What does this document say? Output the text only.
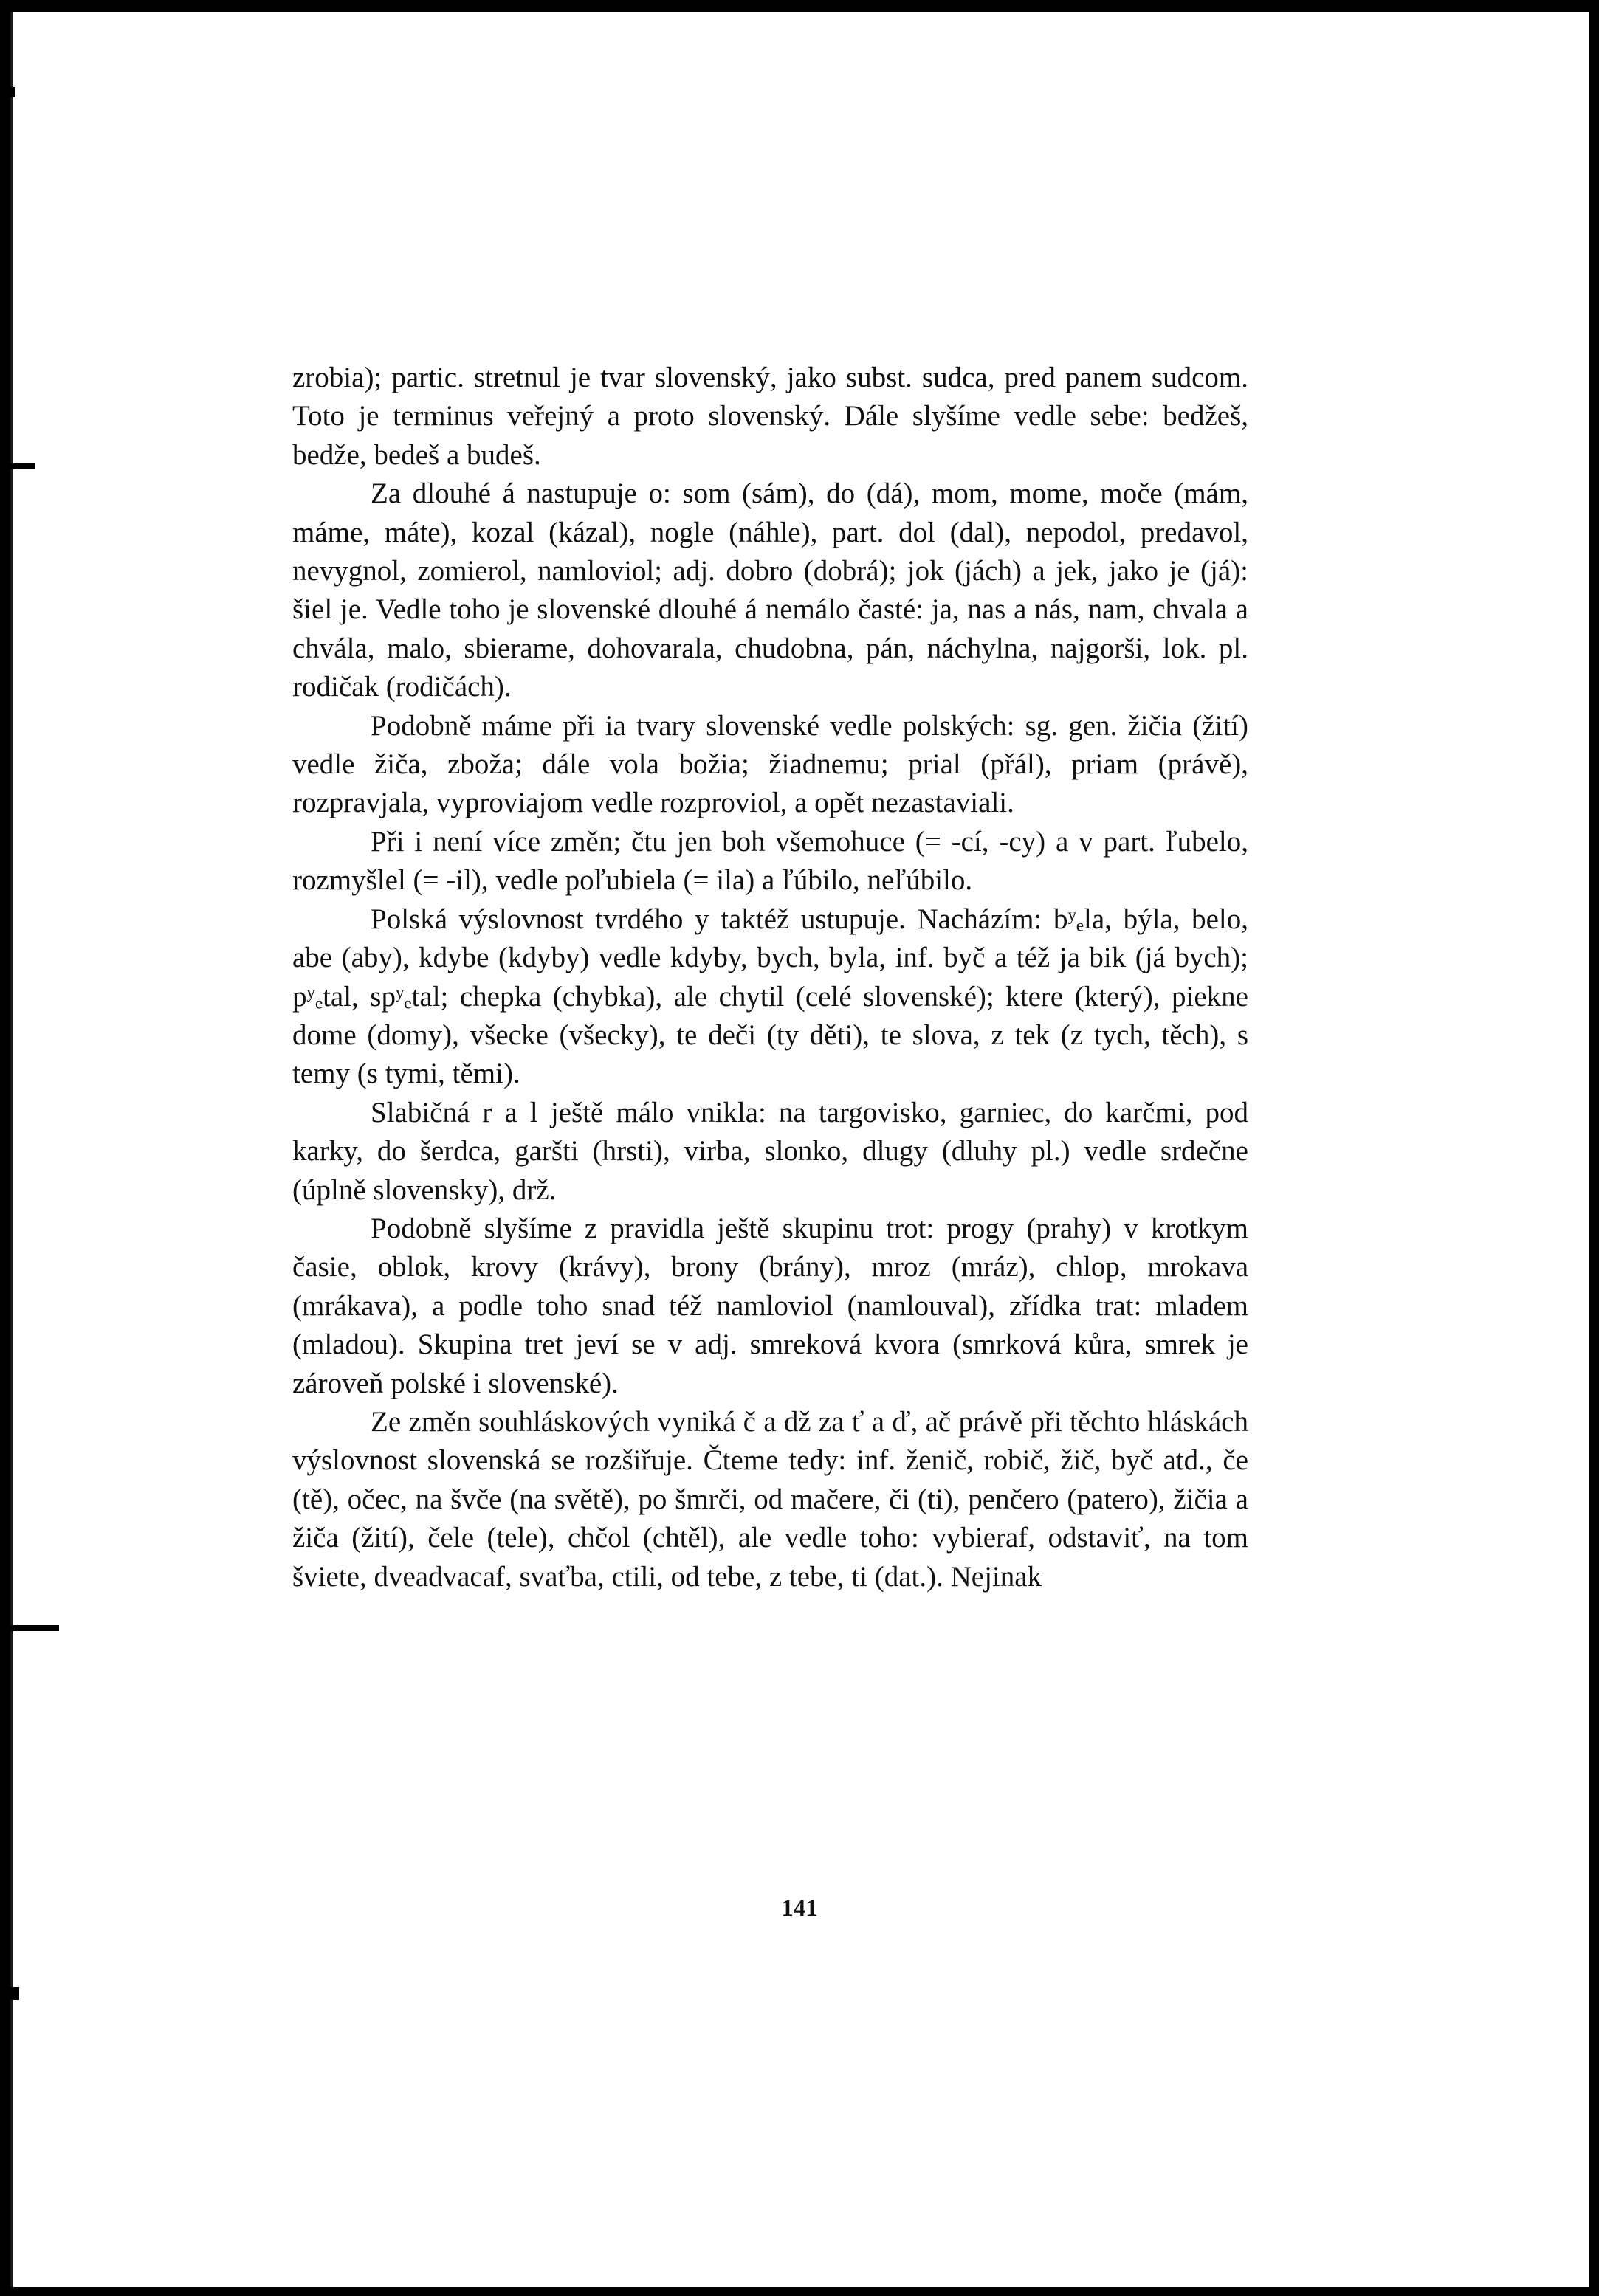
zrobia); partic. stretnul je tvar slovenský, jako subst. sudca, pred panem sudcom. Toto je terminus veřejný a proto slovenský. Dále slyšíme vedle sebe: bedžeš, bedže, bedeš a budeš.

Za dlouhé á nastupuje o: som (sám), do (dá), mom, mome, moče (mám, máme, máte), kozal (kázal), nogle (náhle), part. dol (dal), nepodol, predavol, nevygnol, zomierol, namloviol; adj. dobro (dobrá); jok (jách) a jek, jako je (já): šiel je. Vedle toho je slovenské dlouhé á nemálo časté: ja, nas a nás, nam, chvala a chvála, malo, sbierame, dohovarala, chudobna, pán, náchylna, najgorši, lok. pl. rodičak (rodičách).

Podobně máme při ia tvary slovenské vedle polských: sg. gen. žičia (žití) vedle žiča, zboža; dále vola božia; žiadnemu; prial (přál), priam (právě), rozpravjala, vyproviajom vedle rozproviol, a opět nezastaviali.

Při i není více změn; čtu jen boh všemohuce (= -cí, -cy) a v part. ľubelo, rozmyšlel (= -il), vedle poľubiela (= ila) a ľúbilo, neľúbilo.

Polská výslovnost tvrdého y taktéž ustupuje. Nacházím: bʸₑla, býla, belo, abe (aby), kdybe (kdyby) vedle kdyby, bych, byla, inf. byč a též ja bik (já bych); pʸₑtal, spʸₑtal; chepka (chybka), ale chytil (celé slovenské); ktere (který), piekne dome (domy), všecke (všecky), te deči (ty děti), te slova, z tek (z tych, těch), s temy (s tymi, těmi).

Slabičná r a l ještě málo vnikla: na targovisko, garniec, do karčmi, pod karky, do šerdca, garšti (hrsti), virba, slonko, dlugy (dluhy pl.) vedle srdečne (úplně slovensky), drž.

Podobně slyšíme z pravidla ještě skupinu trot: progy (prahy) v krotkym časie, oblok, krovy (krávy), brony (brány), mroz (mráz), chlop, mrokava (mrákava), a podle toho snad též namloviol (namlouval), zřídka trat: mladem (mladou). Skupina tret jeví se v adj. smreková kvora (smrková kůra, smrek je zároveň polské i slovenské).

Ze změn souhláskových vyniká č a dž za ť a ď, ač právě při těchto hláskách výslovnost slovenská se rozšiřuje. Čteme tedy: inf. ženič, robič, žič, byč atd., če (tě), očec, na švče (na světě), po šmrči, od mačere, či (ti), penčero (patero), žičia a žiča (žití), čele (tele), chčol (chtěl), ale vedle toho: vybieraf, odstaviť, na tom šviete, dveadvacaf, svaťba, ctili, od tebe, z tebe, ti (dat.). Nejinak

141
